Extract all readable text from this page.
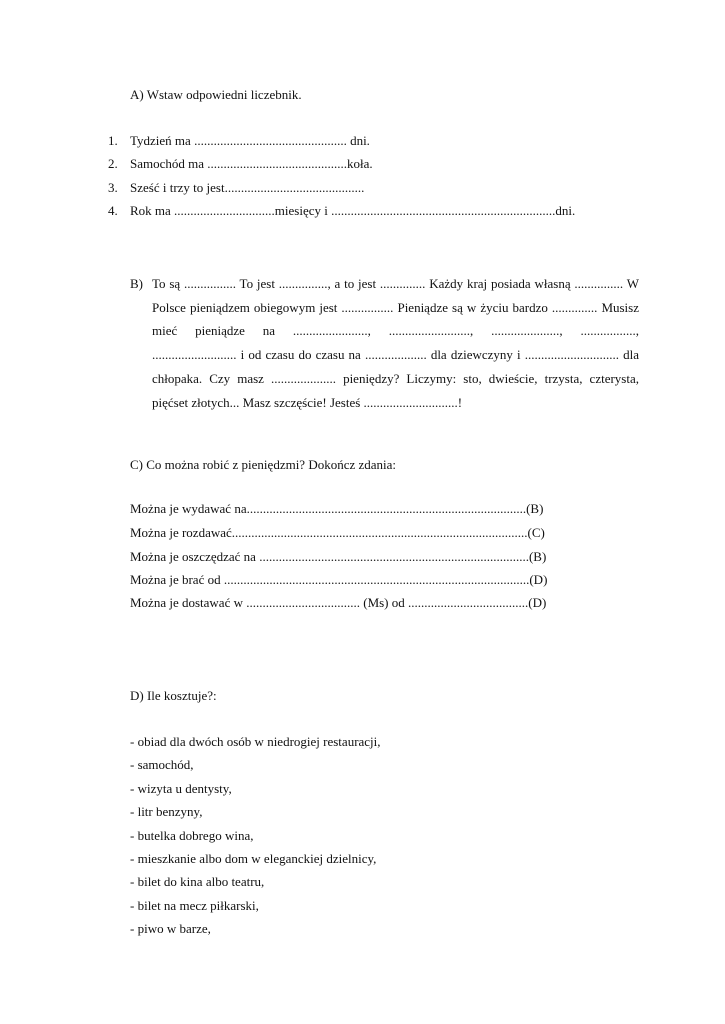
A) Wstaw odpowiedni liczebnik.
1. Tydzień ma ............................................... dni.
2. Samochód ma ...........................................koła.
3. Sześć i trzy to jest...........................................
4. Rok ma ...............................miesięcy i .....................................................................dni.
B) To są ................ To jest ..............., a to jest .............. Każdy kraj posiada własną ............... W Polsce pieniądzem obiegowym jest ................ Pieniądze są w życiu bardzo .............. Musisz mieć pieniądze na ......................., ........................., ....................., ................., .......................... i od czasu do czasu na ................... dla dziewczyny i ............................. dla chłopaka. Czy masz .................... pieniędzy? Liczymy: sto, dwieście, trzysta, czterysta, pięćset złotych... Masz szczęście! Jesteś .............................!

C) Co można robić z pieniędzmi? Dokończ zdania:
Można je wydawać na......................................................................................(B)
Można je rozdawać...........................................................................................(C)
Można je oszczędzać na ...................................................................................(B)
Można je brać od ..............................................................................................(D)
Można je dostawać w ................................... (Ms) od .....................................(D)
D) Ile kosztuje?:
- obiad dla dwóch osób w niedrogiej restauracji,
- samochód,
- wizyta u dentysty,
- litr benzyny,
- butelka dobrego wina,
- mieszkanie albo dom w eleganckiej dzielnicy,
- bilet do kina albo teatru,
- bilet na mecz piłkarski,
- piwo w barze,
